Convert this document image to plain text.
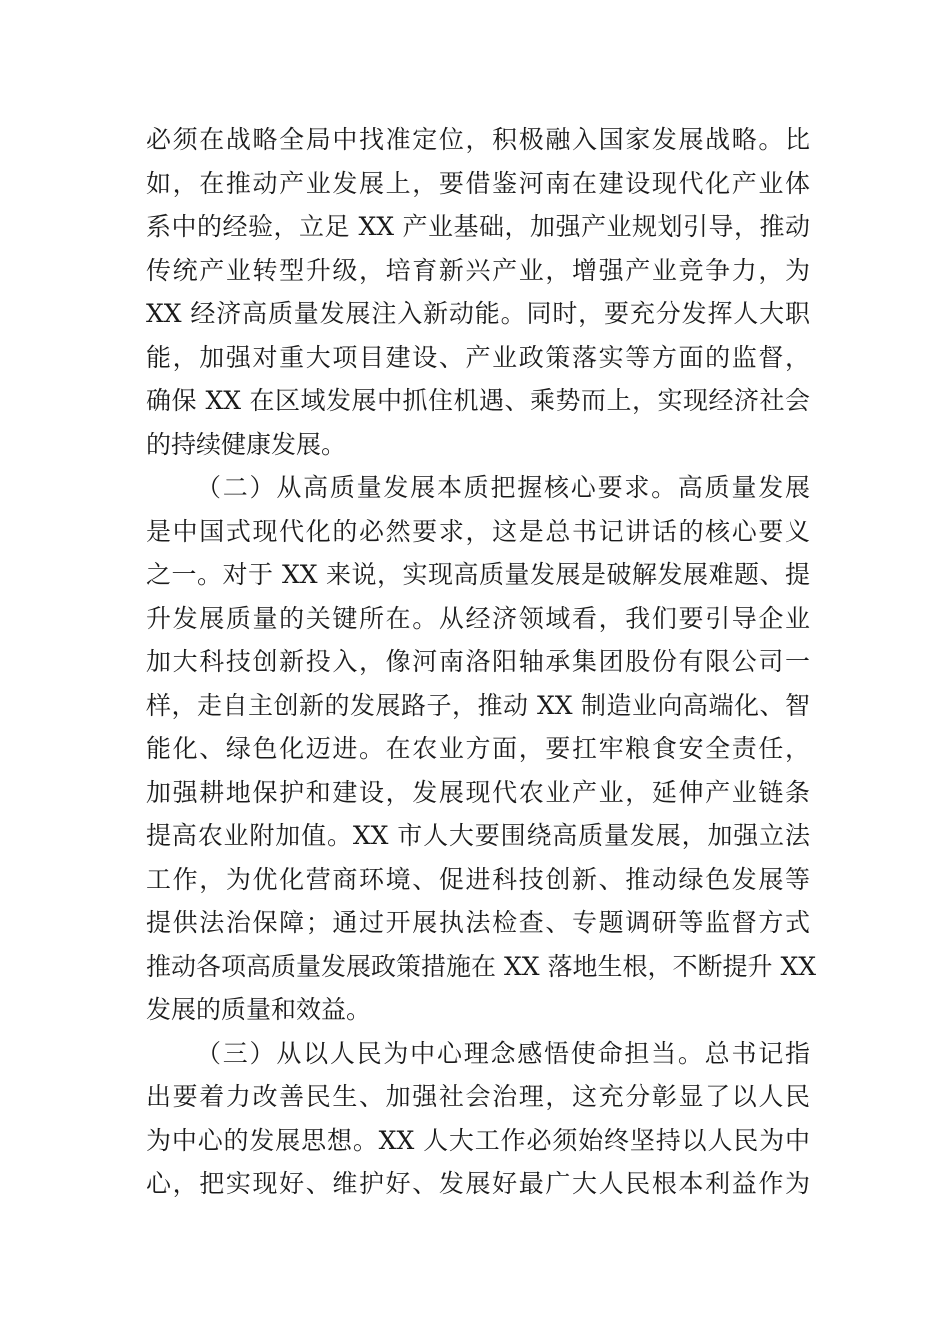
必须在战略全局中找准定位，积极融入国家发展战略。比
如，在推动产业发展上，要借鉴河南在建设现代化产业体
系中的经验，立足 XX 产业基础，加强产业规划引导，推动
传统产业转型升级，培育新兴产业，增强产业竞争力，为
XX 经济高质量发展注入新动能。同时，要充分发挥人大职
能，加强对重大项目建设、产业政策落实等方面的监督，
确保 XX 在区域发展中抓住机遇、乘势而上，实现经济社会
的持续健康发展。
（二）从高质量发展本质把握核心要求。高质量发展
是中国式现代化的必然要求，这是总书记讲话的核心要义
之一。对于 XX 来说，实现高质量发展是破解发展难题、提
升发展质量的关键所在。从经济领域看，我们要引导企业
加大科技创新投入，像河南洛阳轴承集团股份有限公司一
样，走自主创新的发展路子，推动 XX 制造业向高端化、智
能化、绿色化迈进。在农业方面，要扛牢粮食安全责任，
加强耕地保护和建设，发展现代农业产业，延伸产业链条
提高农业附加值。XX 市人大要围绕高质量发展，加强立法
工作，为优化营商环境、促进科技创新、推动绿色发展等
提供法治保障；通过开展执法检查、专题调研等监督方式
推动各项高质量发展政策措施在 XX 落地生根，不断提升 XX
发展的质量和效益。
（三）从以人民为中心理念感悟使命担当。总书记指
出要着力改善民生、加强社会治理，这充分彰显了以人民
为中心的发展思想。XX 人大工作必须始终坚持以人民为中
心，把实现好、维护好、发展好最广大人民根本利益作为
